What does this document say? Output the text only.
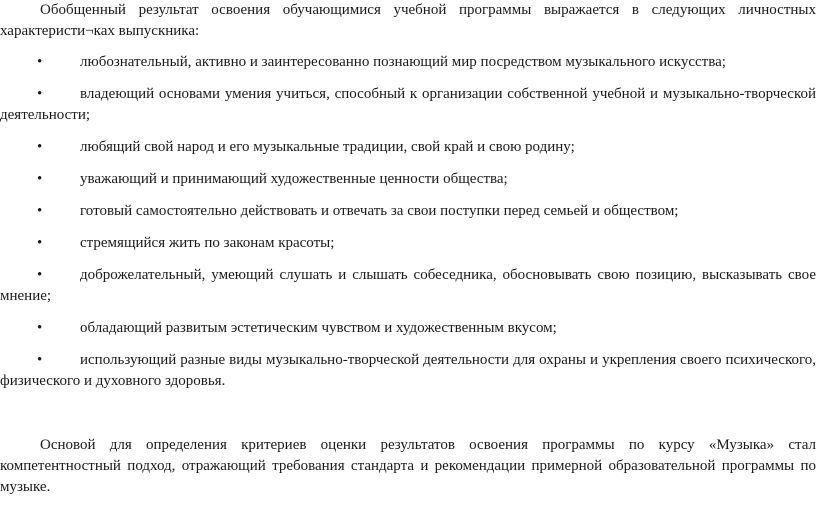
Обобщенный результат освоения обучающимися учебной программы выражается в следующих личностных характеристи¬ках выпускника:

•	любознательный, активно и заинтересованно познающий мир посредством музыкального искусства;
•	владеющий основами умения учиться, способный к организации собственной учебной и музыкально-творческой деятельности;
•	любящий свой народ и его музыкальные традиции, свой край и свою родину;
•	уважающий и принимающий художественные ценности общества;
•	готовый самостоятельно действовать и отвечать за свои поступки перед семьей и обществом;
•	стремящийся жить по законам красоты;
•	доброжелательный, умеющий слушать и слышать собеседника, обосновывать свою позицию, высказывать свое мнение;
•	обладающий развитым эстетическим чувством и художественным вкусом;
•	использующий разные виды музыкально-творческой деятельности для охраны и укрепления своего психического, физического и духовного здоровья.

Основой для определения критериев оценки результатов освоения программы по курсу «Музыка» стал компетентностный подход, отражающий требования стандарта и рекомендации примерной образовательной программы по музыке.
